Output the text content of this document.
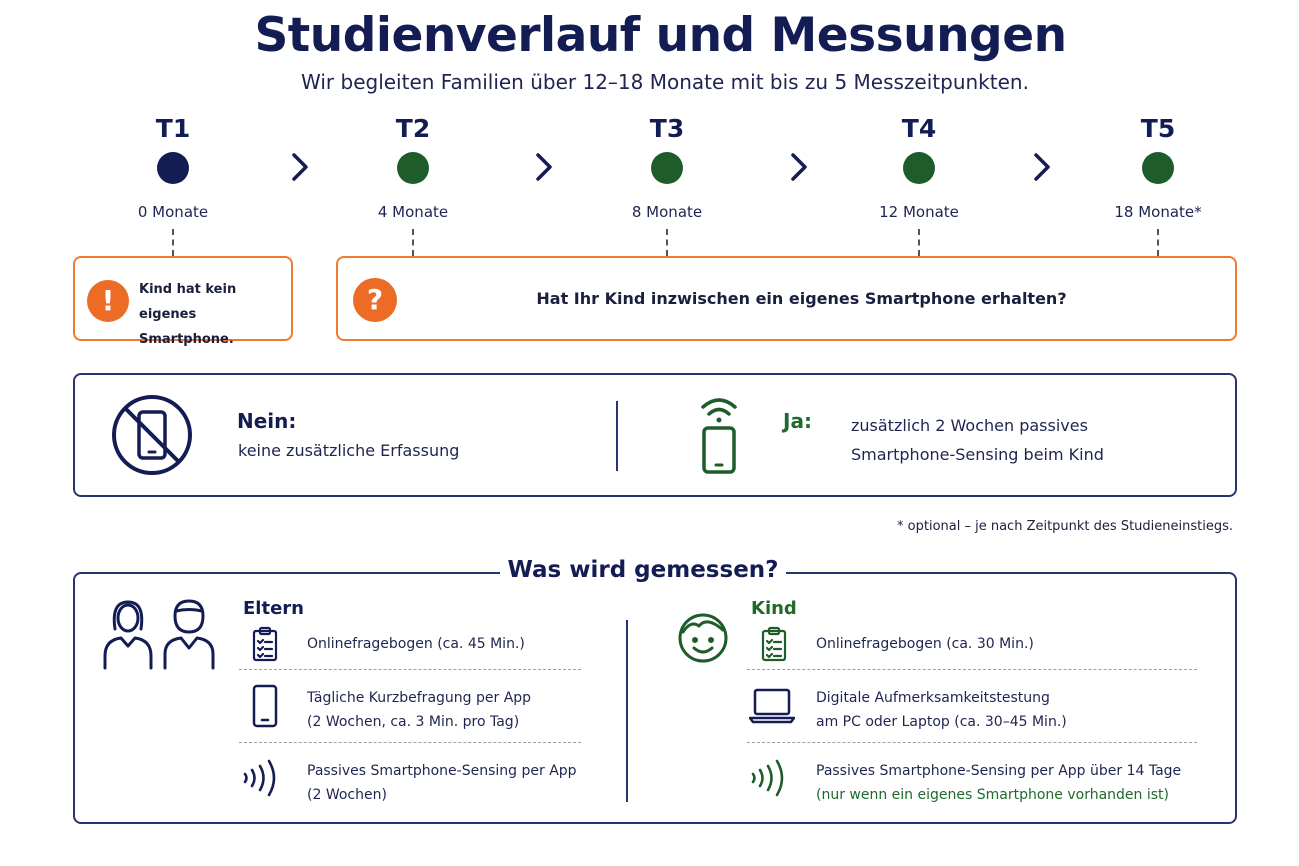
Studienverlauf und Messungen
Wir begleiten Familien über 12–18 Monate mit bis zu 5 Messzeitpunkten.
T1	T2	T3	T4	T5
0 Monate	4 Monate	8 Monate	12 Monate	18 Monate*
!	Kind hat kein
eigenes Smartphone.
?	Hat Ihr Kind inzwischen ein eigenes Smartphone erhalten?
Nein:
keine zusätzliche Erfassung
Ja: zusätzlich 2 Wochen passives
Smartphone-Sensing beim Kind
* optional – je nach Zeitpunkt des Studieneinstiegs.
Eltern	Kind
Onlinefragebogen (ca. 45 Min.)
Tägliche Kurzbefragung per App
(2 Wochen, ca. 3 Min. pro Tag)
Passives Smartphone-Sensing per App
(2 Wochen)
Onlinefragebogen (ca. 30 Min.)
Digitale Aufmerksamkeitstestung
am PC oder Laptop (ca. 30–45 Min.)
Passives Smartphone-Sensing per App über 14 Tage
(nur wenn ein eigenes Smartphone vorhanden ist)
Was wird gemessen?
